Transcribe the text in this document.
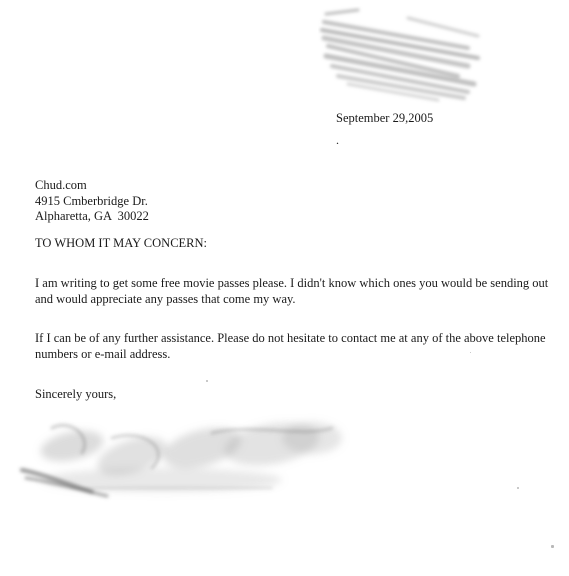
September 29,2005
.
Chud.com
4915 Cmberbridge Dr.
Alpharetta, GA  30022
TO WHOM IT MAY CONCERN:
I am writing to get some free movie passes please. I didn't know which ones you would be sending out
and would appreciate any passes that come my way.
If I can be of any further assistance. Please do not hesitate to contact me at any of the above telephone
numbers or e-mail address.
Sincerely yours,
